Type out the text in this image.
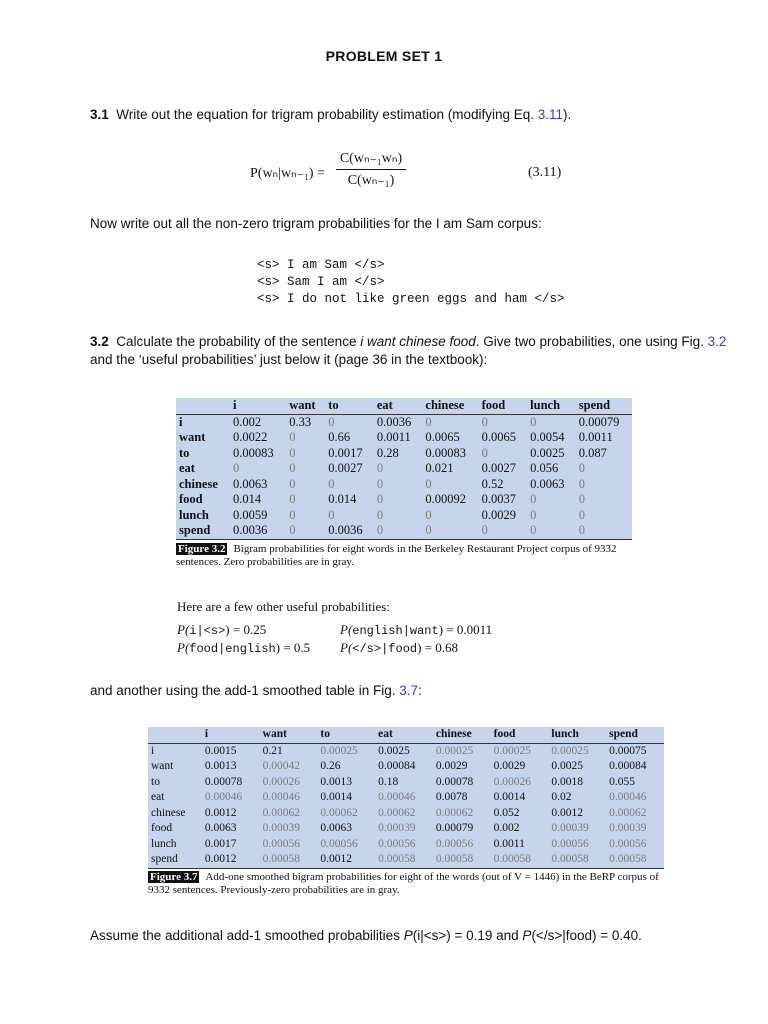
PROBLEM SET 1
3.1 Write out the equation for trigram probability estimation (modifying Eq. 3.11).
$P(w_n|w_{n-1}) = \frac{\text{C(wₙ₋₁wₙ)}}{\text{C(wₙ₋₁)}}$	(3.11)
Now write out all the non-zero trigram probabilities for the I am Sam corpus:
<s> I am Sam </s>
<s> Sam I am </s>
<s> I do not like green eggs and ham </s>
3.2 Calculate the probability of the sentence i want chinese food. Give two probabilities, one using Fig. 3.2 and the ‘useful probabilities’ just below it (page 36 in the textbook):
	i	want	to	eat	chinese	food	lunch	spend
i	0.002	0.33	0	0.0036	0	0	0	0.00079
want	0.0022	0	0.66	0.0011	0.0065	0.0065	0.0054	0.0011
to	0.00083	0	0.0017	0.28	0.00083	0	0.0025	0.087
eat	0	0	0.0027	0	0.021	0.0027	0.056	0
chinese	0.0063	0	0	0	0	0.52	0.0063	0
food	0.014	0	0.014	0	0.00092	0.0037	0	0
lunch	0.0059	0	0	0	0	0.0029	0	0
spend	0.0036	0	0.0036	0	0	0	0	0
Figure 3.2 Bigram probabilities for eight words in the Berkeley Restaurant Project corpus of 9332 sentences. Zero probabilities are in gray.
Here are a few other useful probabilities:
P(i|<s>) = 0.25	P(english|want) = 0.0011
P(food|english) = 0.5 P(</s>|food) = 0.68
and another using the add-1 smoothed table in Fig. 3.7:
	i	want	to	eat	chinese	food	lunch	spend
i	0.0015	0.21	0.00025	0.0025	0.00025	0.00025	0.00025	0.00075
want	0.0013	0.00042	0.26	0.00084	0.0029	0.0029	0.0025	0.00084
to	0.00078	0.00026	0.0013	0.18	0.00078	0.00026	0.0018	0.055
eat	0.00046	0.00046	0.0014	0.00046	0.0078	0.0014	0.02	0.00046
chinese	0.0012	0.00062	0.00062	0.00062	0.00062	0.052	0.0012	0.00062
food	0.0063	0.00039	0.0063	0.00039	0.00079	0.002	0.00039	0.00039
lunch	0.0017	0.00056	0.00056	0.00056	0.00056	0.0011	0.00056	0.00056
spend	0.0012	0.00058	0.0012	0.00058	0.00058	0.00058	0.00058	0.00058
Figure 3.7 Add-one smoothed bigram probabilities for eight of the words (out of V = 1446) in the BeRP corpus of 9332 sentences. Previously-zero probabilities are in gray.
Assume the additional add-1 smoothed probabilities P(i|<s>) = 0.19 and P(</s>|food) = 0.40.
